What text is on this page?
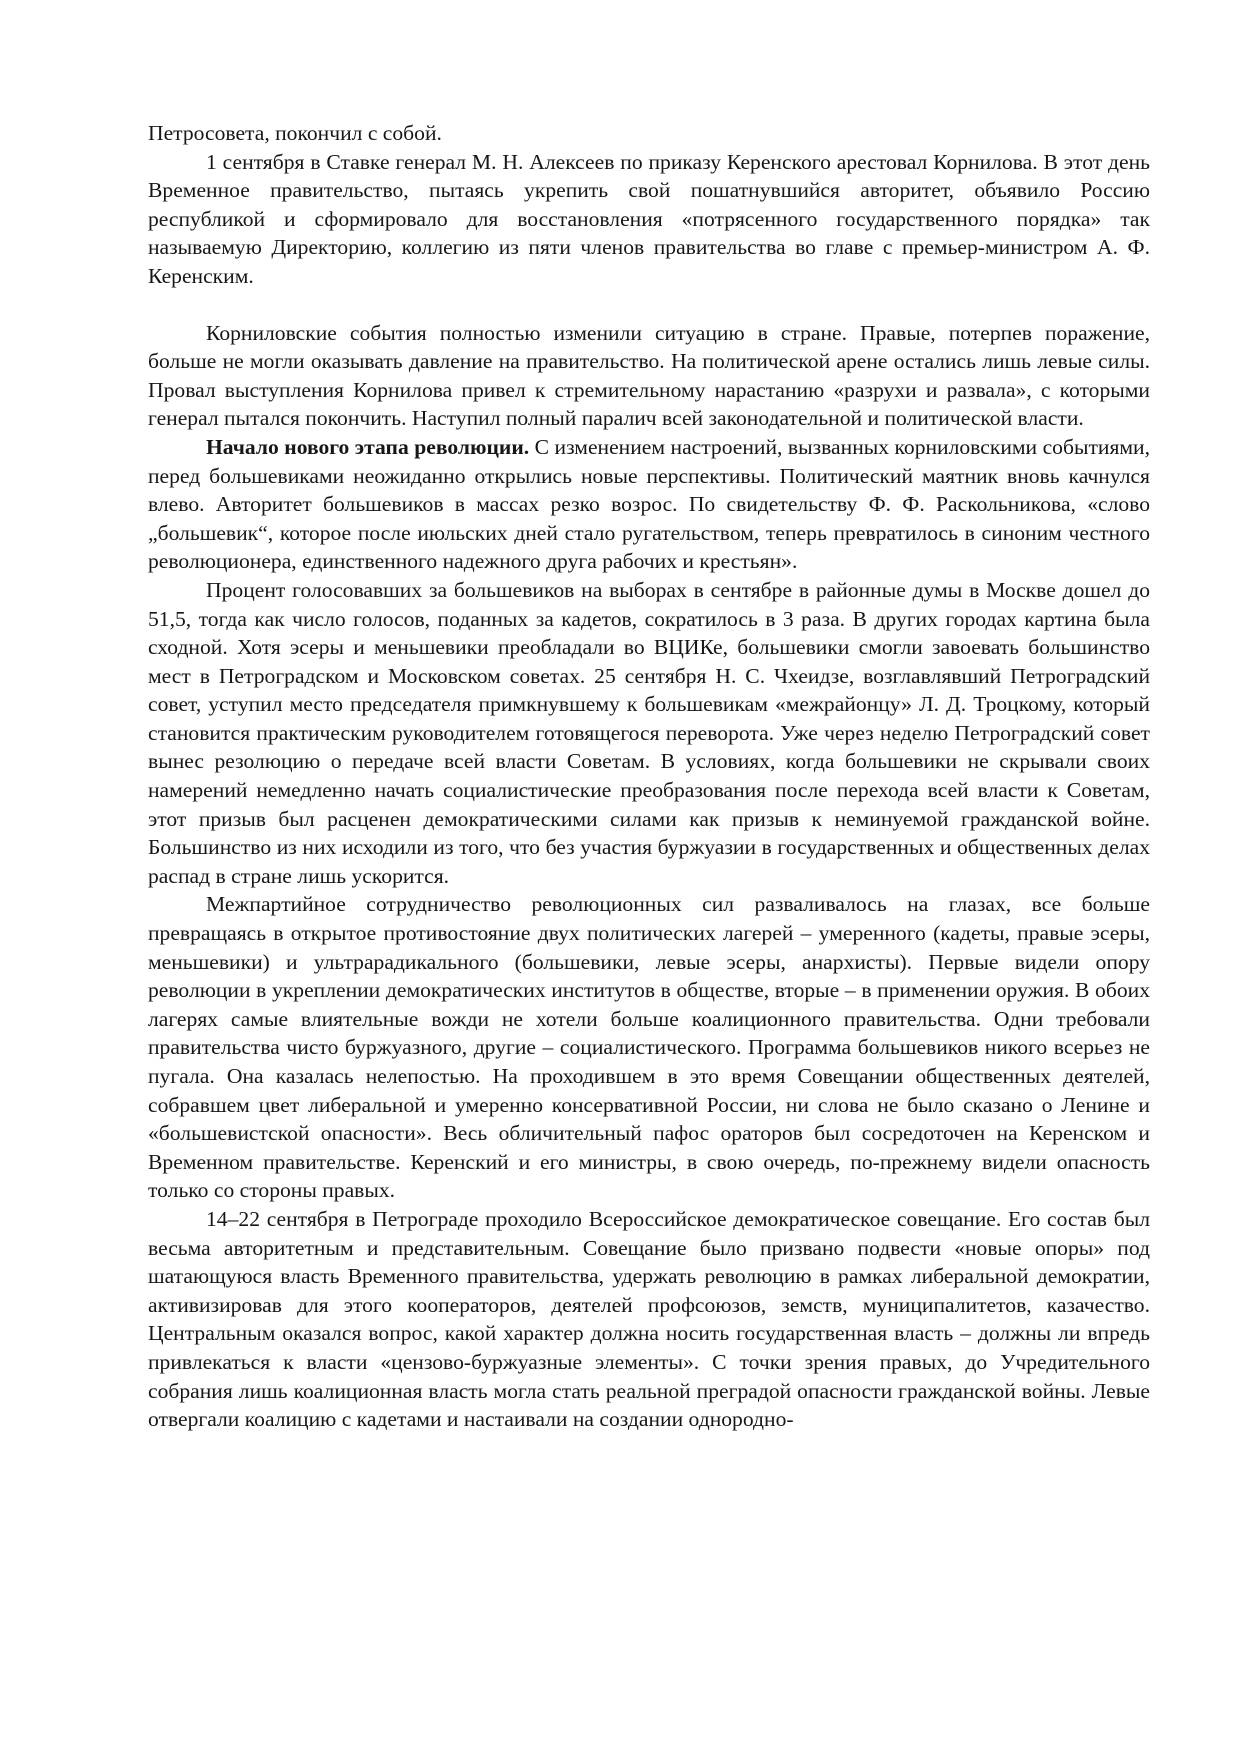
Петросовета, покончил с собой.

1 сентября в Ставке генерал М. Н. Алексеев по приказу Керенского арестовал Корнилова. В этот день Временное правительство, пытаясь укрепить свой пошатнувшийся авторитет, объявило Россию республикой и сформировало для восстановления «потрясенного государственного порядка» так называемую Директорию, коллегию из пяти членов правительства во главе с премьер-министром А. Ф. Керенским.

Корниловские события полностью изменили ситуацию в стране. Правые, потерпев поражение, больше не могли оказывать давление на правительство. На политической арене остались лишь левые силы. Провал выступления Корнилова привел к стремительному нарастанию «разрухи и развала», с которыми генерал пытался покончить. Наступил полный паралич всей законодательной и политической власти.

Начало нового этапа революции. С изменением настроений, вызванных корниловскими событиями, перед большевиками неожиданно открылись новые перспективы. Политический маятник вновь качнулся влево. Авторитет большевиков в массах резко возрос. По свидетельству Ф. Ф. Раскольникова, «слово „большевик“, которое после июльских дней стало ругательством, теперь превратилось в синоним честного революционера, единственного надежного друга рабочих и крестьян».

Процент голосовавших за большевиков на выборах в сентябре в районные думы в Москве дошел до 51,5, тогда как число голосов, поданных за кадетов, сократилось в 3 раза. В других городах картина была сходной. Хотя эсеры и меньшевики преобладали во ВЦИКе, большевики смогли завоевать большинство мест в Петроградском и Московском советах. 25 сентября Н. С. Чхеидзе, возглавлявший Петроградский совет, уступил место председателя примкнувшему к большевикам «межрайонцу» Л. Д. Троцкому, который становится практическим руководителем готовящегося переворота. Уже через неделю Петроградский совет вынес резолюцию о передаче всей власти Советам. В условиях, когда большевики не скрывали своих намерений немедленно начать социалистические преобразования после перехода всей власти к Советам, этот призыв был расценен демократическими силами как призыв к неминуемой гражданской войне. Большинство из них исходили из того, что без участия буржуазии в государственных и общественных делах распад в стране лишь ускорится.

Межпартийное сотрудничество революционных сил разваливалось на глазах, все больше превращаясь в открытое противостояние двух политических лагерей – умеренного (кадеты, правые эсеры, меньшевики) и ультрарадикального (большевики, левые эсеры, анархисты). Первые видели опору революции в укреплении демократических институтов в обществе, вторые – в применении оружия. В обоих лагерях самые влиятельные вожди не хотели больше коалиционного правительства. Одни требовали правительства чисто буржуазного, другие – социалистического. Программа большевиков никого всерьез не пугала. Она казалась нелепостью. На проходившем в это время Совещании общественных деятелей, собравшем цвет либеральной и умеренно консервативной России, ни слова не было сказано о Ленине и «большевистской опасности». Весь обличительный пафос ораторов был сосредоточен на Керенском и Временном правительстве. Керенский и его министры, в свою очередь, по-прежнему видели опасность только со стороны правых.

14–22 сентября в Петрограде проходило Всероссийское демократическое совещание. Его состав был весьма авторитетным и представительным. Совещание было призвано подвести «новые опоры» под шатающуюся власть Временного правительства, удержать революцию в рамках либеральной демократии, активизировав для этого кооператоров, деятелей профсоюзов, земств, муниципалитетов, казачество. Центральным оказался вопрос, какой характер должна носить государственная власть – должны ли впредь привлекаться к власти «цензово-буржуазные элементы». С точки зрения правых, до Учредительного собрания лишь коалиционная власть могла стать реальной преградой опасности гражданской войны. Левые отвергали коалицию с кадетами и настаивали на создании однородно-
